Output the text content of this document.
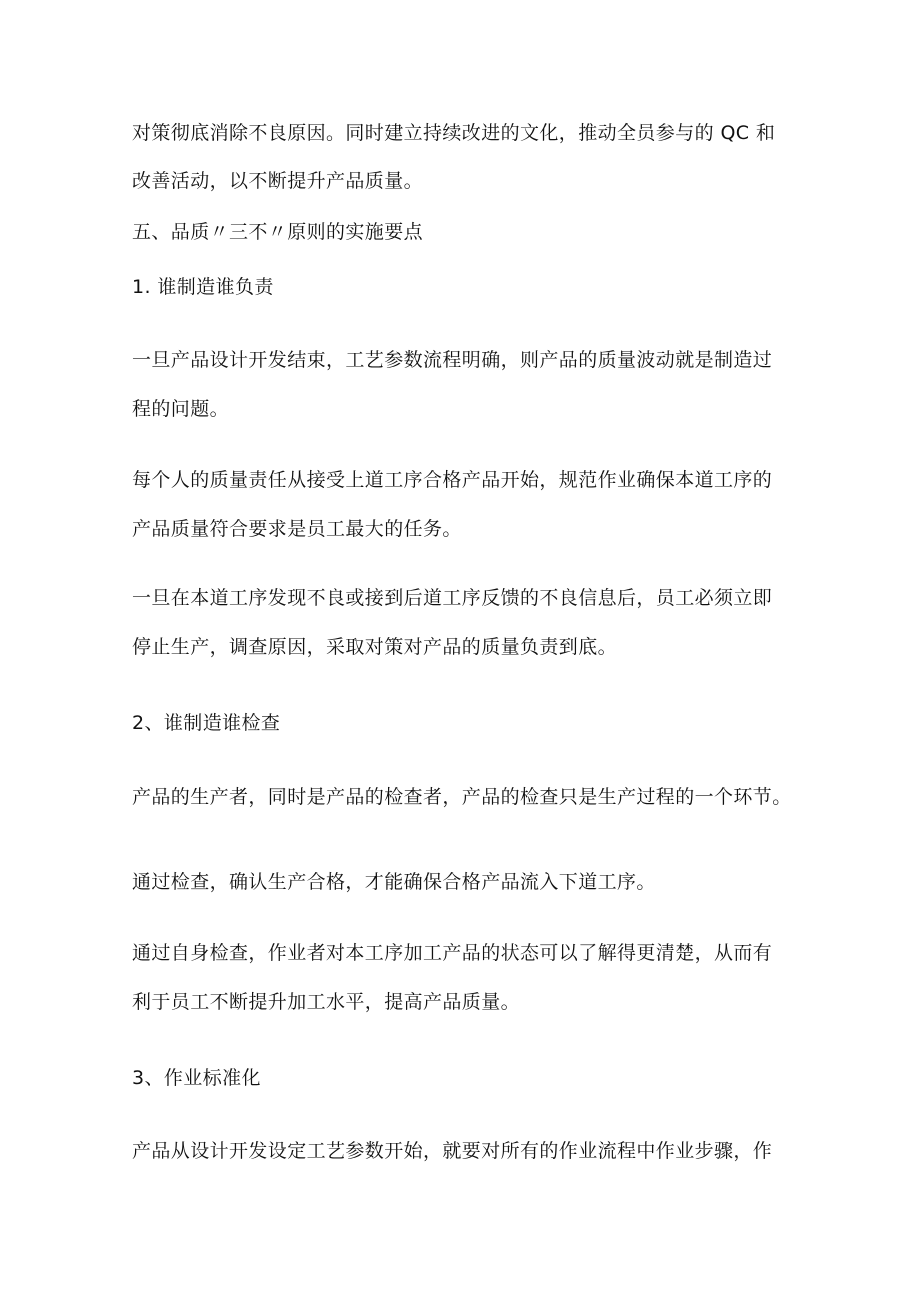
对策彻底消除不良原因。同时建立持续改进的文化，推动全员参与的 QC 和
改善活动，以不断提升产品质量。
五、品质〃三不〃原则的实施要点
1. 谁制造谁负责
一旦产品设计开发结束，工艺参数流程明确，则产品的质量波动就是制造过
程的问题。
每个人的质量责任从接受上道工序合格产品开始，规范作业确保本道工序的
产品质量符合要求是员工最大的任务。
一旦在本道工序发现不良或接到后道工序反馈的不良信息后，员工必须立即
停止生产，调查原因，采取对策对产品的质量负责到底。
2、谁制造谁检查
产品的生产者，同时是产品的检查者，产品的检查只是生产过程的一个环节。
通过检查，确认生产合格，才能确保合格产品流入下道工序。
通过自身检查，作业者对本工序加工产品的状态可以了解得更清楚，从而有
利于员工不断提升加工水平，提高产品质量。
3、作业标准化
产品从设计开发设定工艺参数开始，就要对所有的作业流程中作业步骤，作
